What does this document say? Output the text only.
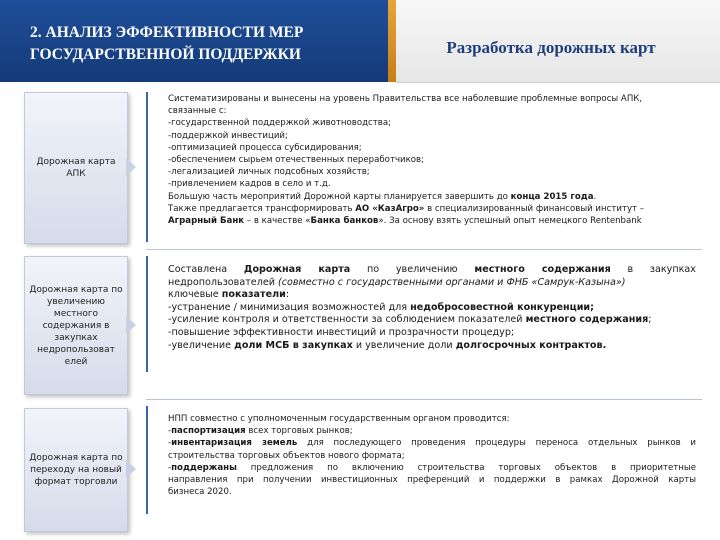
2. АНАЛИЗ ЭФФЕКТИВНОСТИ МЕР
ГОСУДАРСТВЕННОЙ ПОДДЕРЖКИ	Разработка дорожных карт
Дорожная карта АПК
Дорожная карта по увеличению местного содержания в закупках недропользоват елей
Дорожная карта по переходу на новый формат торговли
Систематизированы и вынесены на уровень Правительства все наболевшие проблемные вопросы АПК,
связанные с:
-государственной поддержкой животноводства;
-поддержкой инвестиций;
-оптимизацией процесса субсидирования;
-обеспечением сырьем отечественных переработчиков;
-легализацией личных подсобных хозяйств;
-привлечением кадров в село и т.д.
Большую часть мероприятий Дорожной карты планируется завершить до конца 2015 года.
Также предлагается трансформировать АО «КазАгро» в специализированный финансовый институт –
Аграрный Банк – в качестве «Банка банков». За основу взять успешный опыт немецкого Rentenbank
Составлена Дорожная карта по увеличению местного содержания в закупках
недропользователей (совместно с государственными органами и ФНБ «Самрук-Казына»)
ключевые показатели:
-устранение / минимизация возможностей для недобросовестной конкуренции;
-усиление контроля и ответственности за соблюдением показателей местного содержания;
-повышение эффективности инвестиций и прозрачности процедур;
-увеличение доли МСБ в закупках и увеличение доли долгосрочных контрактов.
НПП совместно с уполномоченным государственным органом проводится:
-паспортизация всех торговых рынков;
-инвентаризация земель для последующего проведения процедуры переноса отдельных рынков и
строительства торговых объектов нового формата;
-поддержаны предложения по включению строительства торговых объектов в приоритетные
направления при получении инвестиционных преференций и поддержки в рамках Дорожной карты
бизнеса 2020.
